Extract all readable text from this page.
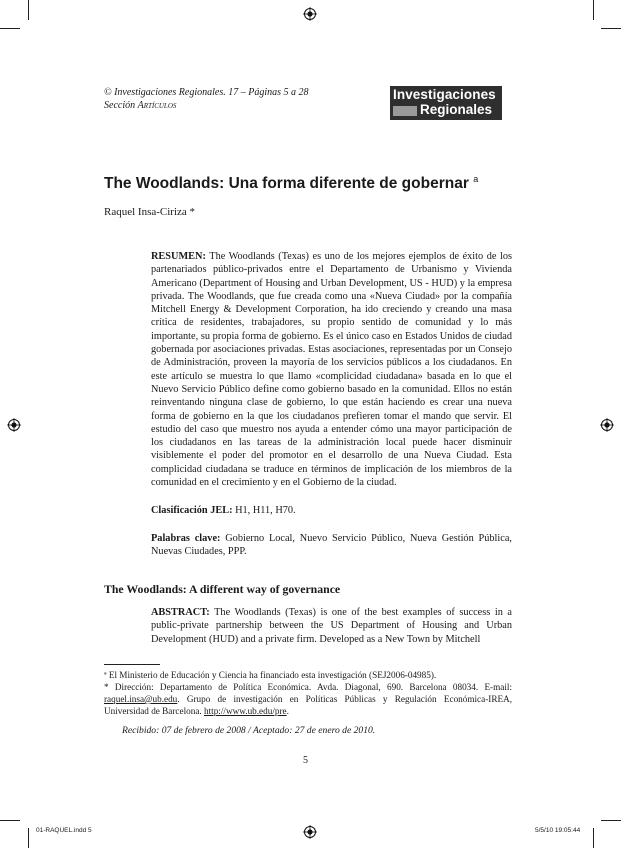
© Investigaciones Regionales. 17 – Páginas 5 a 28
Sección Artículos
Investigaciones
Regionales
The Woodlands: Una forma diferente de gobernar $^a$
Raquel Insa-Ciriza *
RESUMEN: The Woodlands (Texas) es uno de los mejores ejemplos de éxito de los partenariados público-privados entre el Departamento de Urbanismo y Vivienda Americano (Department of Housing and Urban Development, US - HUD) y la empresa privada. The Woodlands, que fue creada como una «Nueva Ciudad» por la compañía Mitchell Energy & Development Corporation, ha ido creciendo y creando una masa crítica de residentes, trabajadores, su propio sentido de comunidad y lo más importante, su propia forma de gobierno. Es el único caso en Estados Unidos de ciudad gobernada por asociaciones privadas. Estas asociaciones, representadas por un Consejo de Administración, proveen la mayoría de los servicios públicos a los ciudadanos. En este artículo se muestra lo que llamo «complicidad ciudadana» basada en lo que el Nuevo Servicio Público define como gobierno basado en la comunidad. Ellos no están reinventando ninguna clase de gobierno, lo que están haciendo es crear una nueva forma de gobierno en la que los ciudadanos prefieren tomar el mando que servir. El estudio del caso que muestro nos ayuda a entender cómo una mayor participación de los ciudadanos en las tareas de la administración local puede hacer disminuir visiblemente el poder del promotor en el desarrollo de una Nueva Ciudad. Esta complicidad ciudadana se traduce en términos de implicación de los miembros de la comunidad en el crecimiento y en el Gobierno de la ciudad.
Clasificación JEL: H1, H11, H70.
Palabras clave: Gobierno Local, Nuevo Servicio Público, Nueva Gestión Pública, Nuevas Ciudades, PPP.
The Woodlands: A different way of governance
ABSTRACT: The Woodlands (Texas) is one of the best examples of success in a public-private partnership between the US Department of Housing and Urban Development (HUD) and a private firm. Developed as a New Town by Mitchell
ª El Ministerio de Educación y Ciencia ha financiado esta investigación (SEJ2006-04985).
* Dirección: Departamento de Política Económica. Avda. Diagonal, 690. Barcelona 08034. E-mail: raquel.insa@ub.edu. Grupo de investigación en Políticas Públicas y Regulación Económica-IREA, Universidad de Barcelona. http://www.ub.edu/pre.
Recibido: 07 de febrero de 2008 / Aceptado: 27 de enero de 2010.
5
01-RAQUEL.indd 5	5/5/10 19:05:44
